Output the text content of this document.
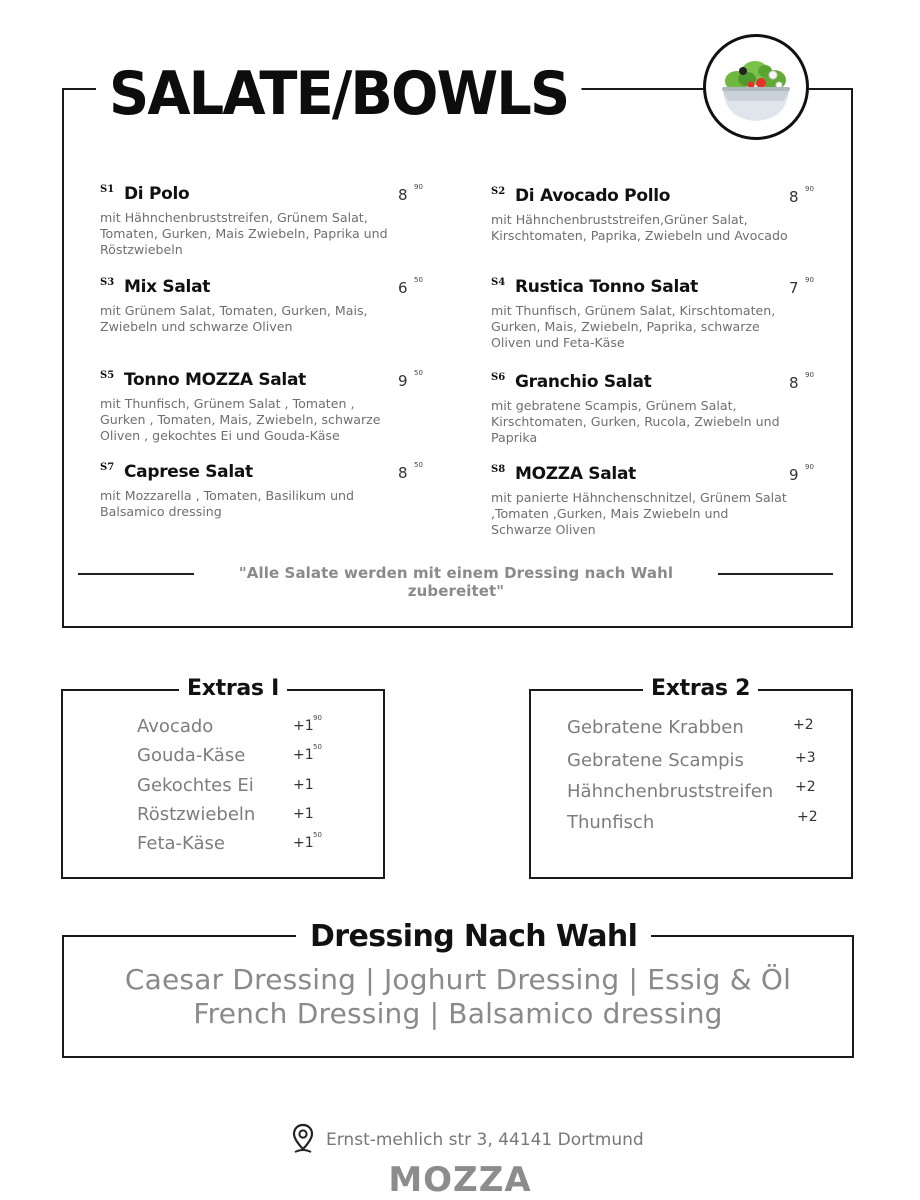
SALATE/BOWLS
S1 Di Polo	8 90
mit Hähnchenbruststreifen, Grünem Salat, Tomaten, Gurken, Mais Zwiebeln, Paprika und Röstzwiebeln
S2 Di Avocado Pollo	8 90
mit Hähnchenbruststreifen,Grüner Salat, Kirschtomaten, Paprika, Zwiebeln und Avocado
S3 Mix Salat	6 50
mit Grünem Salat, Tomaten, Gurken, Mais, Zwiebeln und schwarze Oliven
S4 Rustica Tonno Salat	7 90
mit Thunfisch, Grünem Salat, Kirschtomaten, Gurken, Mais, Zwiebeln, Paprika, schwarze Oliven und Feta-Käse
S5 Tonno MOZZA Salat	9 50
mit Thunfisch, Grünem Salat , Tomaten , Gurken , Tomaten, Mais, Zwiebeln, schwarze Oliven , gekochtes Ei und Gouda-Käse
S6 Granchio Salat	8 90
mit gebratene Scampis, Grünem Salat, Kirschtomaten, Gurken, Rucola, Zwiebeln und Paprika
S7 Caprese Salat	8 50
mit Mozzarella , Tomaten, Basilikum und Balsamico dressing
S8 MOZZA Salat	9 90
mit panierte Hähnchenschnitzel, Grünem Salat ,Tomaten ,Gurken, Mais Zwiebeln und Schwarze Oliven
"Alle Salate werden mit einem Dressing nach Wahl zubereitet"
Extras I
Avocado	+1 90
Gouda-Käse	+1 50
Gekochtes Ei	+1
Röstzwiebeln	+1
Feta-Käse	+1 50
Extras 2
Gebratene Krabben	+2
Gebratene Scampis	+3
Hähnchenbruststreifen +2
Thunfisch	+2
Dressing Nach Wahl
Caesar Dressing | Joghurt Dressing | Essig & Öl
French Dressing | Balsamico dressing
Ernst-mehlich str 3, 44141 Dortmund
MOZZA
